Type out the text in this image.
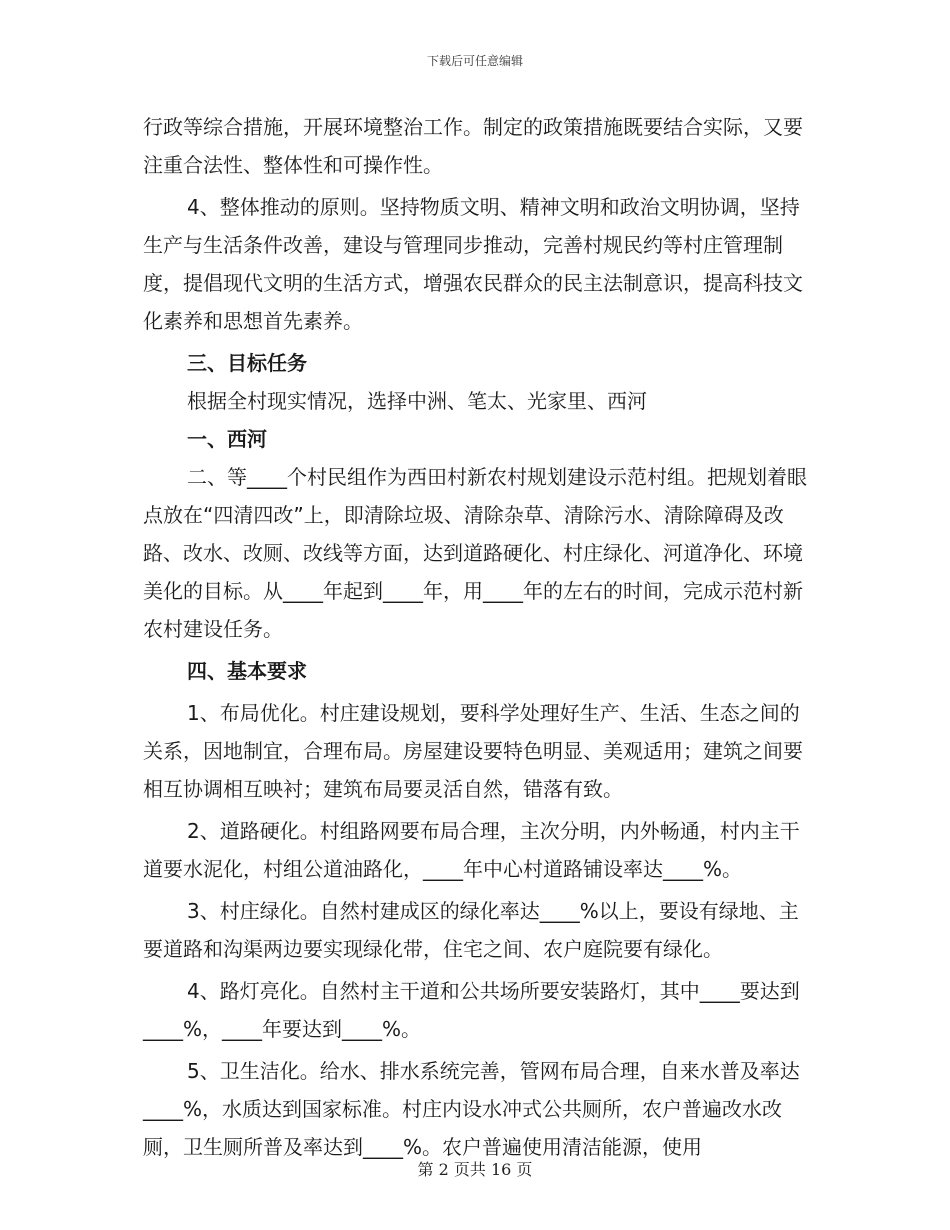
下载后可任意编辑

行政等综合措施，开展环境整治工作。制定的政策措施既要结合实际，又要注重合法性、整体性和可操作性。

4、整体推动的原则。坚持物质文明、精神文明和政治文明协调，坚持生产与生活条件改善，建设与管理同步推动，完善村规民约等村庄管理制度，提倡现代文明的生活方式，增强农民群众的民主法制意识，提高科技文化素养和思想首先素养。

三、目标任务

根据全村现实情况，选择中洲、笔太、光家里、西河

一、西河

二、等____个村民组作为西田村新农村规划建设示范村组。把规划着眼点放在“四清四改”上，即清除垃圾、清除杂草、清除污水、清除障碍及改路、改水、改厕、改线等方面，达到道路硬化、村庄绿化、河道净化、环境美化的目标。从____年起到____年，用____年的左右的时间，完成示范村新农村建设任务。

四、基本要求

1、布局优化。村庄建设规划，要科学处理好生产、生活、生态之间的关系，因地制宜，合理布局。房屋建设要特色明显、美观适用；建筑之间要相互协调相互映衬；建筑布局要灵活自然，错落有致。

2、道路硬化。村组路网要布局合理，主次分明，内外畅通，村内主干道要水泥化，村组公道油路化，____年中心村道路铺设率达____%。

3、村庄绿化。自然村建成区的绿化率达____%以上，要设有绿地、主要道路和沟渠两边要实现绿化带，住宅之间、农户庭院要有绿化。

4、路灯亮化。自然村主干道和公共场所要安装路灯，其中____要达到____%，____年要达到____%。

5、卫生洁化。给水、排水系统完善，管网布局合理，自来水普及率达____%，水质达到国家标准。村庄内设水冲式公共厕所，农户普遍改水改厕，卫生厕所普及率达到____%。农户普遍使用清洁能源，使用

第 2 页共 16 页
